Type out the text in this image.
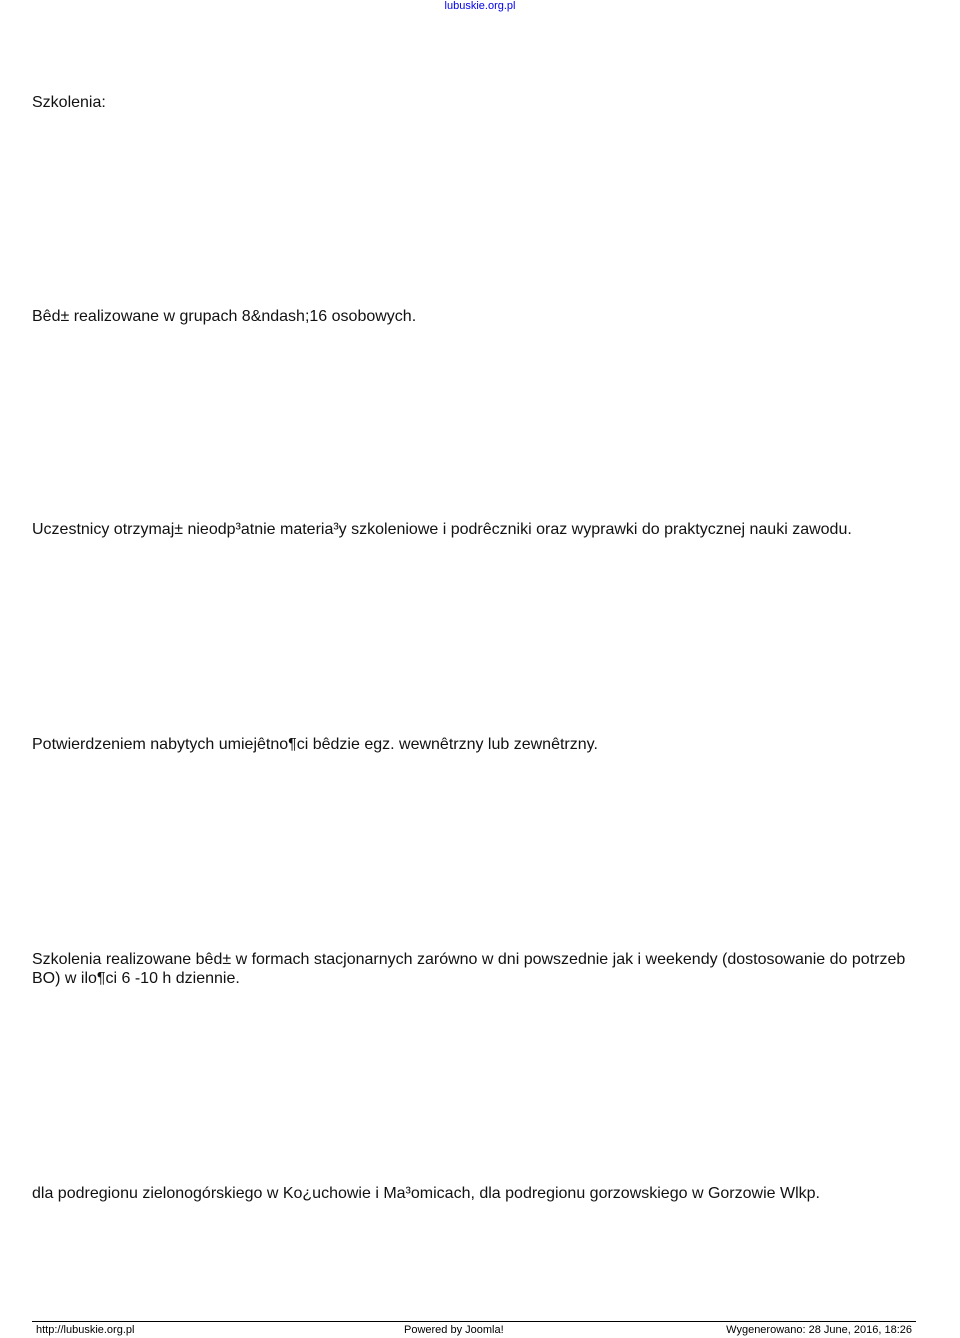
lubuskie.org.pl

Szkolenia:

Bêd± realizowane w grupach 8&ndash;16 osobowych.

Uczestnicy otrzymaj± nieodp³atnie materia³y szkoleniowe i podrêczniki oraz wyprawki do praktycznej nauki zawodu.

Potwierdzeniem nabytych umiejêtno¶ci bêdzie egz. wewnêtrzny lub zewnêtrzny.

Szkolenia realizowane bêd± w formach stacjonarnych zarówno w dni powszednie jak i weekendy (dostosowanie do potrzeb BO) w ilo¶ci 6 -10 h dziennie.

dla podregionu zielonogórskiego w Ko¿uchowie i Ma³omicach, dla podregionu gorzowskiego w Gorzowie Wlkp.

http://lubuskie.org.pl	Powered by Joomla!	Wygenerowano: 28 June, 2016, 18:26
